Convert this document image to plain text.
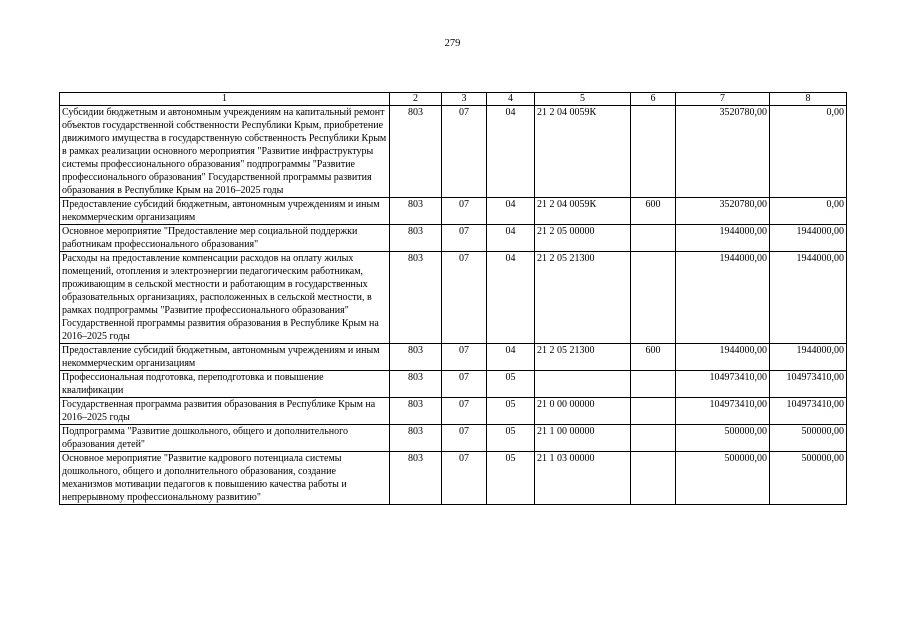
279
1	2	3	4	5	6	7	8
Субсидии бюджетным и автономным учреждениям на капитальный ремонт объектов государственной собственности Республики Крым, приобретение движимого имущества в государственную собственность Республики Крым в рамках реализации основного мероприятия "Развитие инфраструктуры системы профессионального образования" подпрограммы "Развитие профессионального образования" Государственной программы развития образования в Республике Крым на 2016–2025 годы	803	07	04	21 2 04 0059К		3520780,00	0,00
Предоставление субсидий бюджетным, автономным учреждениям и иным некоммерческим организациям	803	07	04	21 2 04 0059К	600	3520780,00	0,00
Основное мероприятие "Предоставление мер социальной поддержки работникам профессионального образования"	803	07	04	21 2 05 00000		1944000,00	1944000,00
Расходы на предоставление компенсации расходов на оплату жилых помещений, отопления и электроэнергии педагогическим работникам, проживающим в сельской местности и работающим в государственных образовательных организациях, расположенных в сельской местности, в рамках подпрограммы "Развитие профессионального образования" Государственной программы развития образования в Республике Крым на 2016–2025 годы	803	07	04	21 2 05 21300		1944000,00	1944000,00
Предоставление субсидий бюджетным, автономным учреждениям и иным некоммерческим организациям	803	07	04	21 2 05 21300	600	1944000,00	1944000,00
Профессиональная подготовка, переподготовка и повышение квалификации	803	07	05			104973410,00	104973410,00
Государственная программа развития образования в Республике Крым на 2016–2025 годы	803	07	05	21 0 00 00000		104973410,00	104973410,00
Подпрограмма "Развитие дошкольного, общего и дополнительного образования детей"	803	07	05	21 1 00 00000		500000,00	500000,00
Основное мероприятие "Развитие кадрового потенциала системы дошкольного, общего и дополнительного образования, создание механизмов мотивации педагогов к повышению качества работы и непрерывному профессиональному развитию"	803	07	05	21 1 03 00000		500000,00	500000,00
